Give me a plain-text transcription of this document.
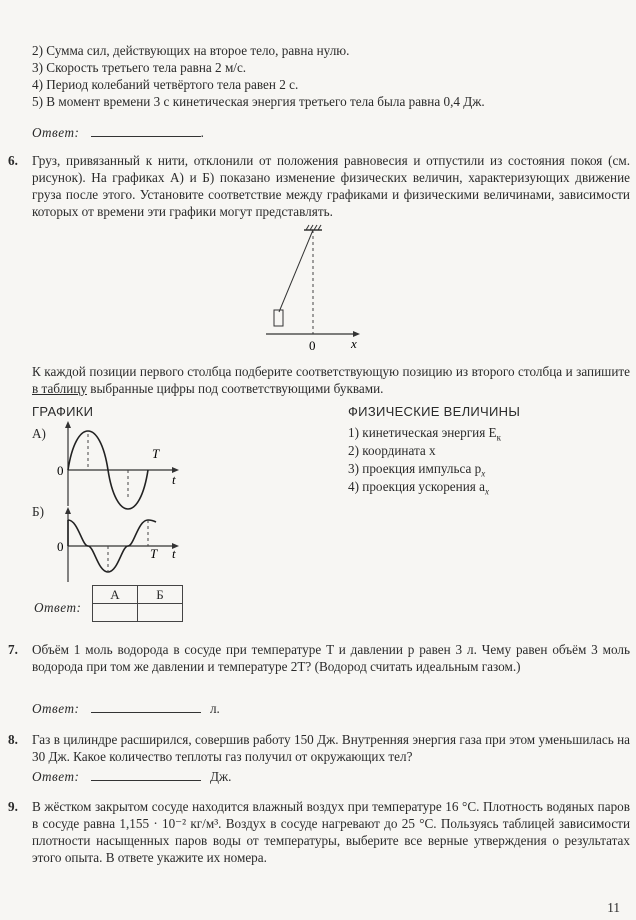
2) Сумма сил, действующих на второе тело, равна нулю.
3) Скорость третьего тела равна 2 м/с.
4) Период колебаний четвёртого тела равен 2 с.
5) В момент времени 3 с кинетическая энергия третьего тела была равна 0,4 Дж.
Ответ:	.
6. Груз, привязанный к нити, отклонили от положения равновесия и отпустили из состояния покоя (см. рисунок). На графиках А) и Б) показано изменение физических величин, характеризующих движение груза после этого. Установите соответствие между графиками и физическими величинами, зависимости которых от времени эти графики могут представлять.
0	x
К каждой позиции первого столбца подберите соответствующую позицию из второго столбца и запишите в таблицу выбранные цифры под соответствующими буквами.
ГРАФИКИ	ФИЗИЧЕСКИЕ ВЕЛИЧИНЫ
А)
Б)
0
T
t
0	T t
1) кинетическая энергия $E_к$
2) координата x
3) проекция импульса $p_x$
4) проекция ускорения $a_x$
Ответ:
А	Б

7. Объём 1 моль водорода в сосуде при температуре T и давлении p равен 3 л. Чему равен объём 3 моль водорода при том же давлении и температуре 2T? (Водород считать идеальным газом.)
Ответ:	л.
8. Газ в цилиндре расширился, совершив работу 150 Дж. Внутренняя энергия газа при этом уменьшилась на 30 Дж. Какое количество теплоты газ получил от окружающих тел?
Ответ:	Дж.
9. В жёстком закрытом сосуде находится влажный воздух при температуре 16 °С. Плотность водяных паров в сосуде равна 1,155 · 10⁻² кг/м³. Воздух в сосуде нагревают до 25 °С. Пользуясь таблицей зависимости плотности насыщенных паров воды от температуры, выберите все верные утверждения о результатах этого опыта. В ответе укажите их номера.
11
